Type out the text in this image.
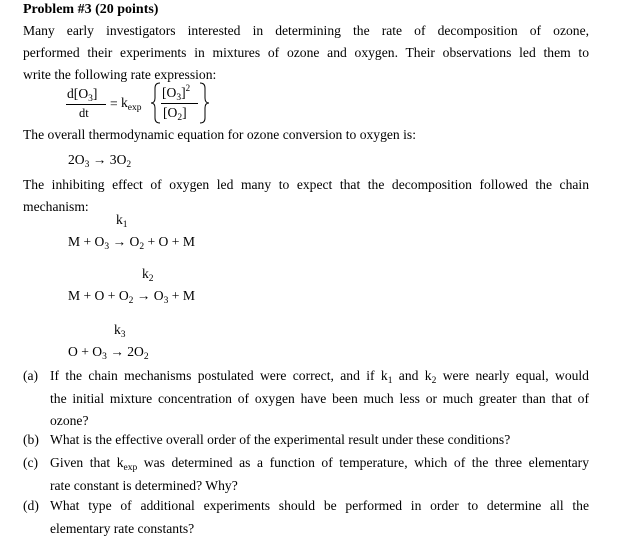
Problem #3 (20 points)
Many early investigators interested in determining the rate of decomposition of ozone,
performed their experiments in mixtures of ozone and oxygen. Their observations led them to
write the following rate expression:
$d[O_3]$
dt
= $k_{exp}$
$[O_3]^2$
$[O_2]$
The overall thermodynamic equation for ozone conversion to oxygen is:
$2O_3 \to 3O_2$
The inhibiting effect of oxygen led many to expect that the decomposition followed the chain
mechanism:
$k_1$
$M + O_3 \to O_2 + O + M$
$k_2$
$M + O + O_2 \to O_3 + M$
$k_3$
$O + O_3 \to 2O_2$
(a) If the chain mechanisms postulated were correct, and if $k_1$ and $k_2$ were nearly equal, would
the initial mixture concentration of oxygen have been much less or much greater than that of
ozone?
(b) What is the effective overall order of the experimental result under these conditions?
(c) Given that $k_{exp}$ was determined as a function of temperature, which of the three elementary
rate constant is determined? Why?
(d) What type of additional experiments should be performed in order to determine all the
elementary rate constants?
